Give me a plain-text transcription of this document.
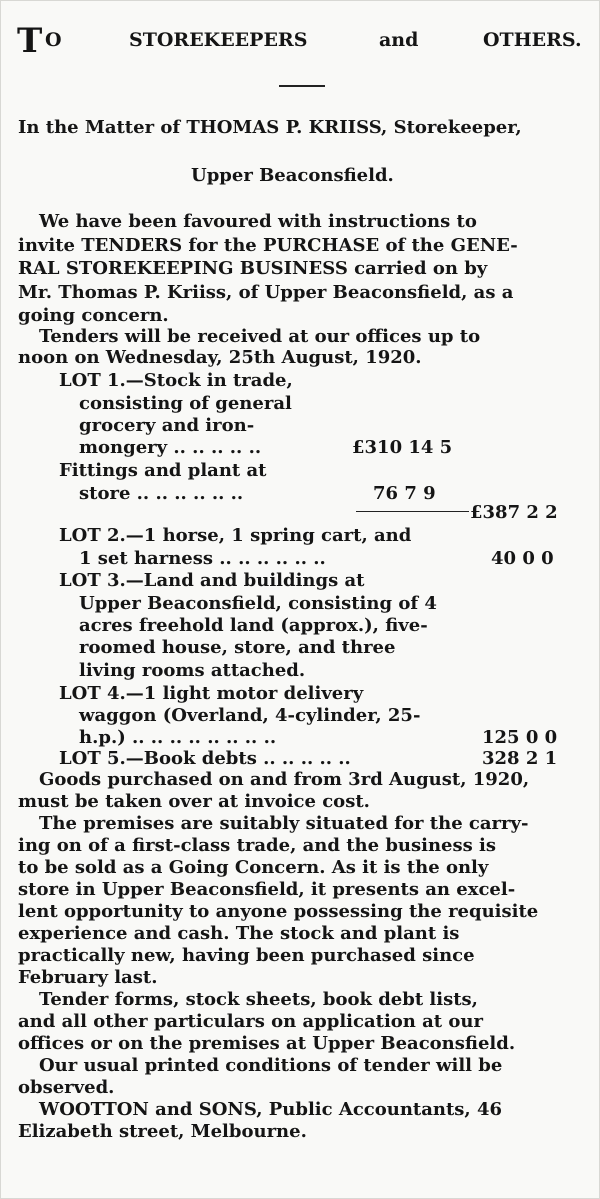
T O	STOREKEEPERS	and	OTHERS.
In the Matter of THOMAS P. KRIISS, Storekeeper,
Upper Beaconsfield.
We have been favoured with instructions to
invite TENDERS for the PURCHASE of the GENE-
RAL STOREKEEPING BUSINESS carried on by
Mr. Thomas P. Kriiss, of Upper Beaconsfield, as a
going concern.
Tenders will be received at our offices up to
noon on Wednesday, 25th August, 1920.
LOT 1.—Stock in trade,
consisting of general
grocery and iron-
mongery .. .. .. .. ..	£310 14 5
Fittings and plant at
store .. .. .. .. .. ..	76 7 9
£387 2 2
LOT 2.—1 horse, 1 spring cart, and
1 set harness .. .. .. .. .. ..	40 0 0
LOT 3.—Land and buildings at
Upper Beaconsfield, consisting of 4
acres freehold land (approx.), five-
roomed house, store, and three
living rooms attached.
LOT 4.—1 light motor delivery
waggon (Overland, 4-cylinder, 25-
h.p.) .. .. .. .. .. .. .. ..	125 0 0
LOT 5.—Book debts .. .. .. .. ..	328 2 1
Goods purchased on and from 3rd August, 1920,
must be taken over at invoice cost.
The premises are suitably situated for the carry-
ing on of a first-class trade, and the business is
to be sold as a Going Concern. As it is the only
store in Upper Beaconsfield, it presents an excel-
lent opportunity to anyone possessing the requisite
experience and cash. The stock and plant is
practically new, having been purchased since
February last.
Tender forms, stock sheets, book debt lists,
and all other particulars on application at our
offices or on the premises at Upper Beaconsfield.
Our usual printed conditions of tender will be
observed.
WOOTTON and SONS, Public Accountants, 46
Elizabeth street, Melbourne.
